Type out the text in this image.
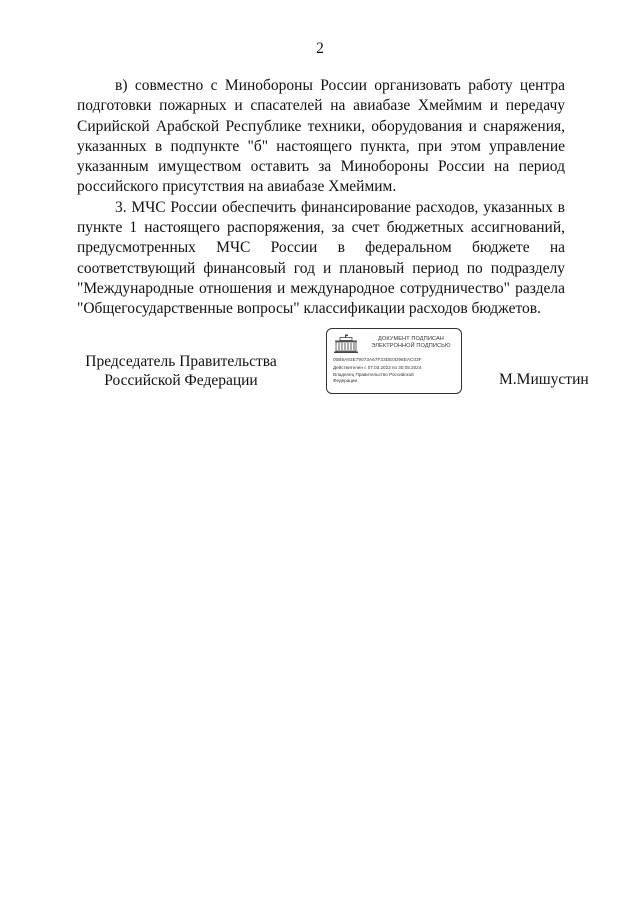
2

в) совместно с Минобороны России организовать работу центра подготовки пожарных и спасателей на авиабазе Хмеймим и передачу Сирийской Арабской Республике техники, оборудования и снаряжения, указанных в подпункте "б" настоящего пункта, при этом управление указанным имуществом оставить за Минобороны России на период российского присутствия на авиабазе Хмеймим.

3. МЧС России обеспечить финансирование расходов, указанных в пункте 1 настоящего распоряжения, за счет бюджетных ассигнований, предусмотренных МЧС России в федеральном бюджете на соответствующий финансовый год и плановый период по подразделу "Международные отношения и международное сотрудничество" раздела "Общегосударственные вопросы" классификации расходов бюджетов.

Председатель Правительства
Российской Федерации
ДОКУМЕНТ ПОДПИСАН
ЭЛЕКТРОННОЙ ПОДПИСЬЮ
00B6A93E79073A67F33DE0D98EAC03F
Действителен с 07.03.2023 по 30.05.2024
Владелец Правительство Российской
Федерации	М.Мишустин
